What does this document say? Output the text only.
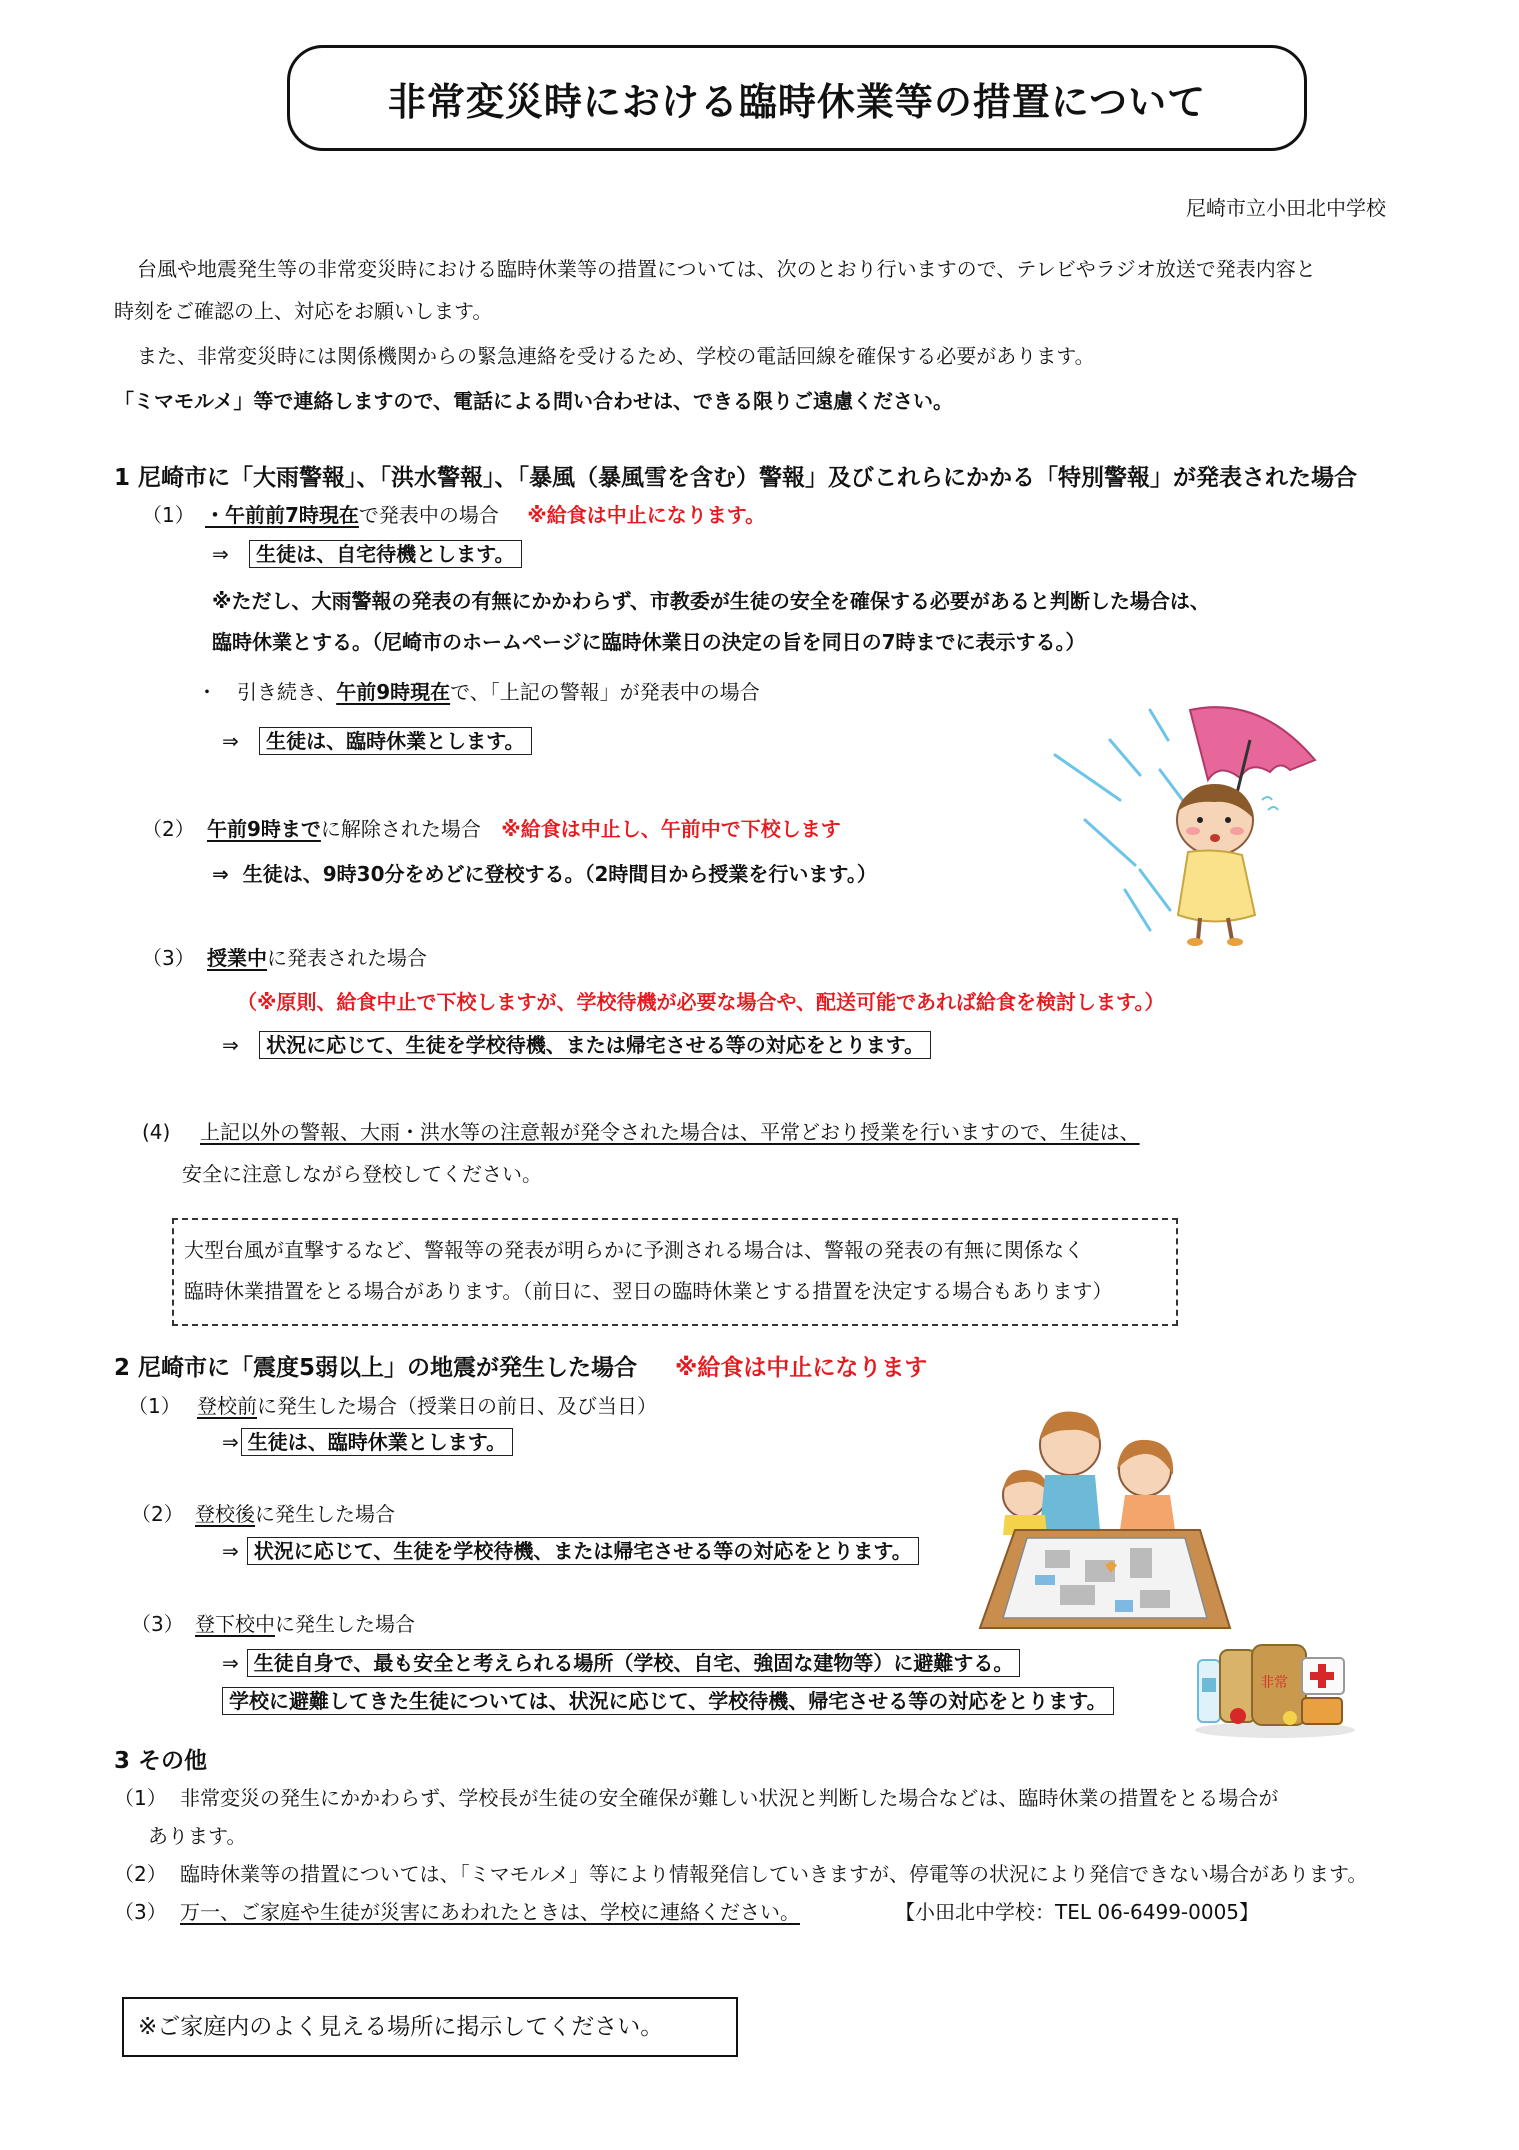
非常変災時における臨時休業等の措置について
尼崎市立小田北中学校
台風や地震発生等の非常変災時における臨時休業等の措置については、次のとおり行いますので、テレビやラジオ放送で発表内容と
時刻をご確認の上、対応をお願いします。
また、非常変災時には関係機関からの緊急連絡を受けるため、学校の電話回線を確保する必要があります。
「ミマモルメ」等で連絡しますので、電話による問い合わせは、できる限りご遠慮ください。
1 尼崎市に「大雨警報」、「洪水警報」、「暴風（暴風雪を含む）警報」及びこれらにかかる「特別警報」が発表された場合
（1） ・午前前7時現在で発表中の場合 ※給食は中止になります。
⇒ 生徒は、自宅待機とします。
※ただし、大雨警報の発表の有無にかかわらず、市教委が生徒の安全を確保する必要があると判断した場合は、
臨時休業とする。（尼崎市のホームページに臨時休業日の決定の旨を同日の7時までに表示する。）
・ 引き続き、午前9時現在で、「上記の警報」が発表中の場合
⇒ 生徒は、臨時休業とします。
（2） 午前9時までに解除された場合 ※給食は中止し、午前中で下校します
⇒ 生徒は、9時30分をめどに登校する。（2時間目から授業を行います。）
（3） 授業中に発表された場合
（※原則、給食中止で下校しますが、学校待機が必要な場合や、配送可能であれば給食を検討します。）
⇒ 状況に応じて、生徒を学校待機、または帰宅させる等の対応をとります。
(4) 上記以外の警報、大雨・洪水等の注意報が発令された場合は、平常どおり授業を行いますので、生徒は、
安全に注意しながら登校してください。
大型台風が直撃するなど、警報等の発表が明らかに予測される場合は、警報の発表の有無に関係なく
臨時休業措置をとる場合があります。（前日に、翌日の臨時休業とする措置を決定する場合もあります）
2 尼崎市に「震度5弱以上」の地震が発生した場合 ※給食は中止になります
（1） 登校前に発生した場合（授業日の前日、及び当日）
⇒ 生徒は、臨時休業とします。
（2） 登校後に発生した場合
⇒ 状況に応じて、生徒を学校待機、または帰宅させる等の対応をとります。
（3） 登下校中に発生した場合
⇒ 生徒自身で、最も安全と考えられる場所（学校、自宅、強固な建物等）に避難する。
学校に避難してきた生徒については、状況に応じて、学校待機、帰宅させる等の対応をとります。
3 その他
（1） 非常変災の発生にかかわらず、学校長が生徒の安全確保が難しい状況と判断した場合などは、臨時休業の措置をとる場合が
あります。
（2） 臨時休業等の措置については、「ミマモルメ」等により情報発信していきますが、停電等の状況により発信できない場合があります。
（3） 万一、ご家庭や生徒が災害にあわれたときは、学校に連絡ください。	【小田北中学校：TEL 06-6499-0005】
※ご家庭内のよく見える場所に掲示してください。
非常
